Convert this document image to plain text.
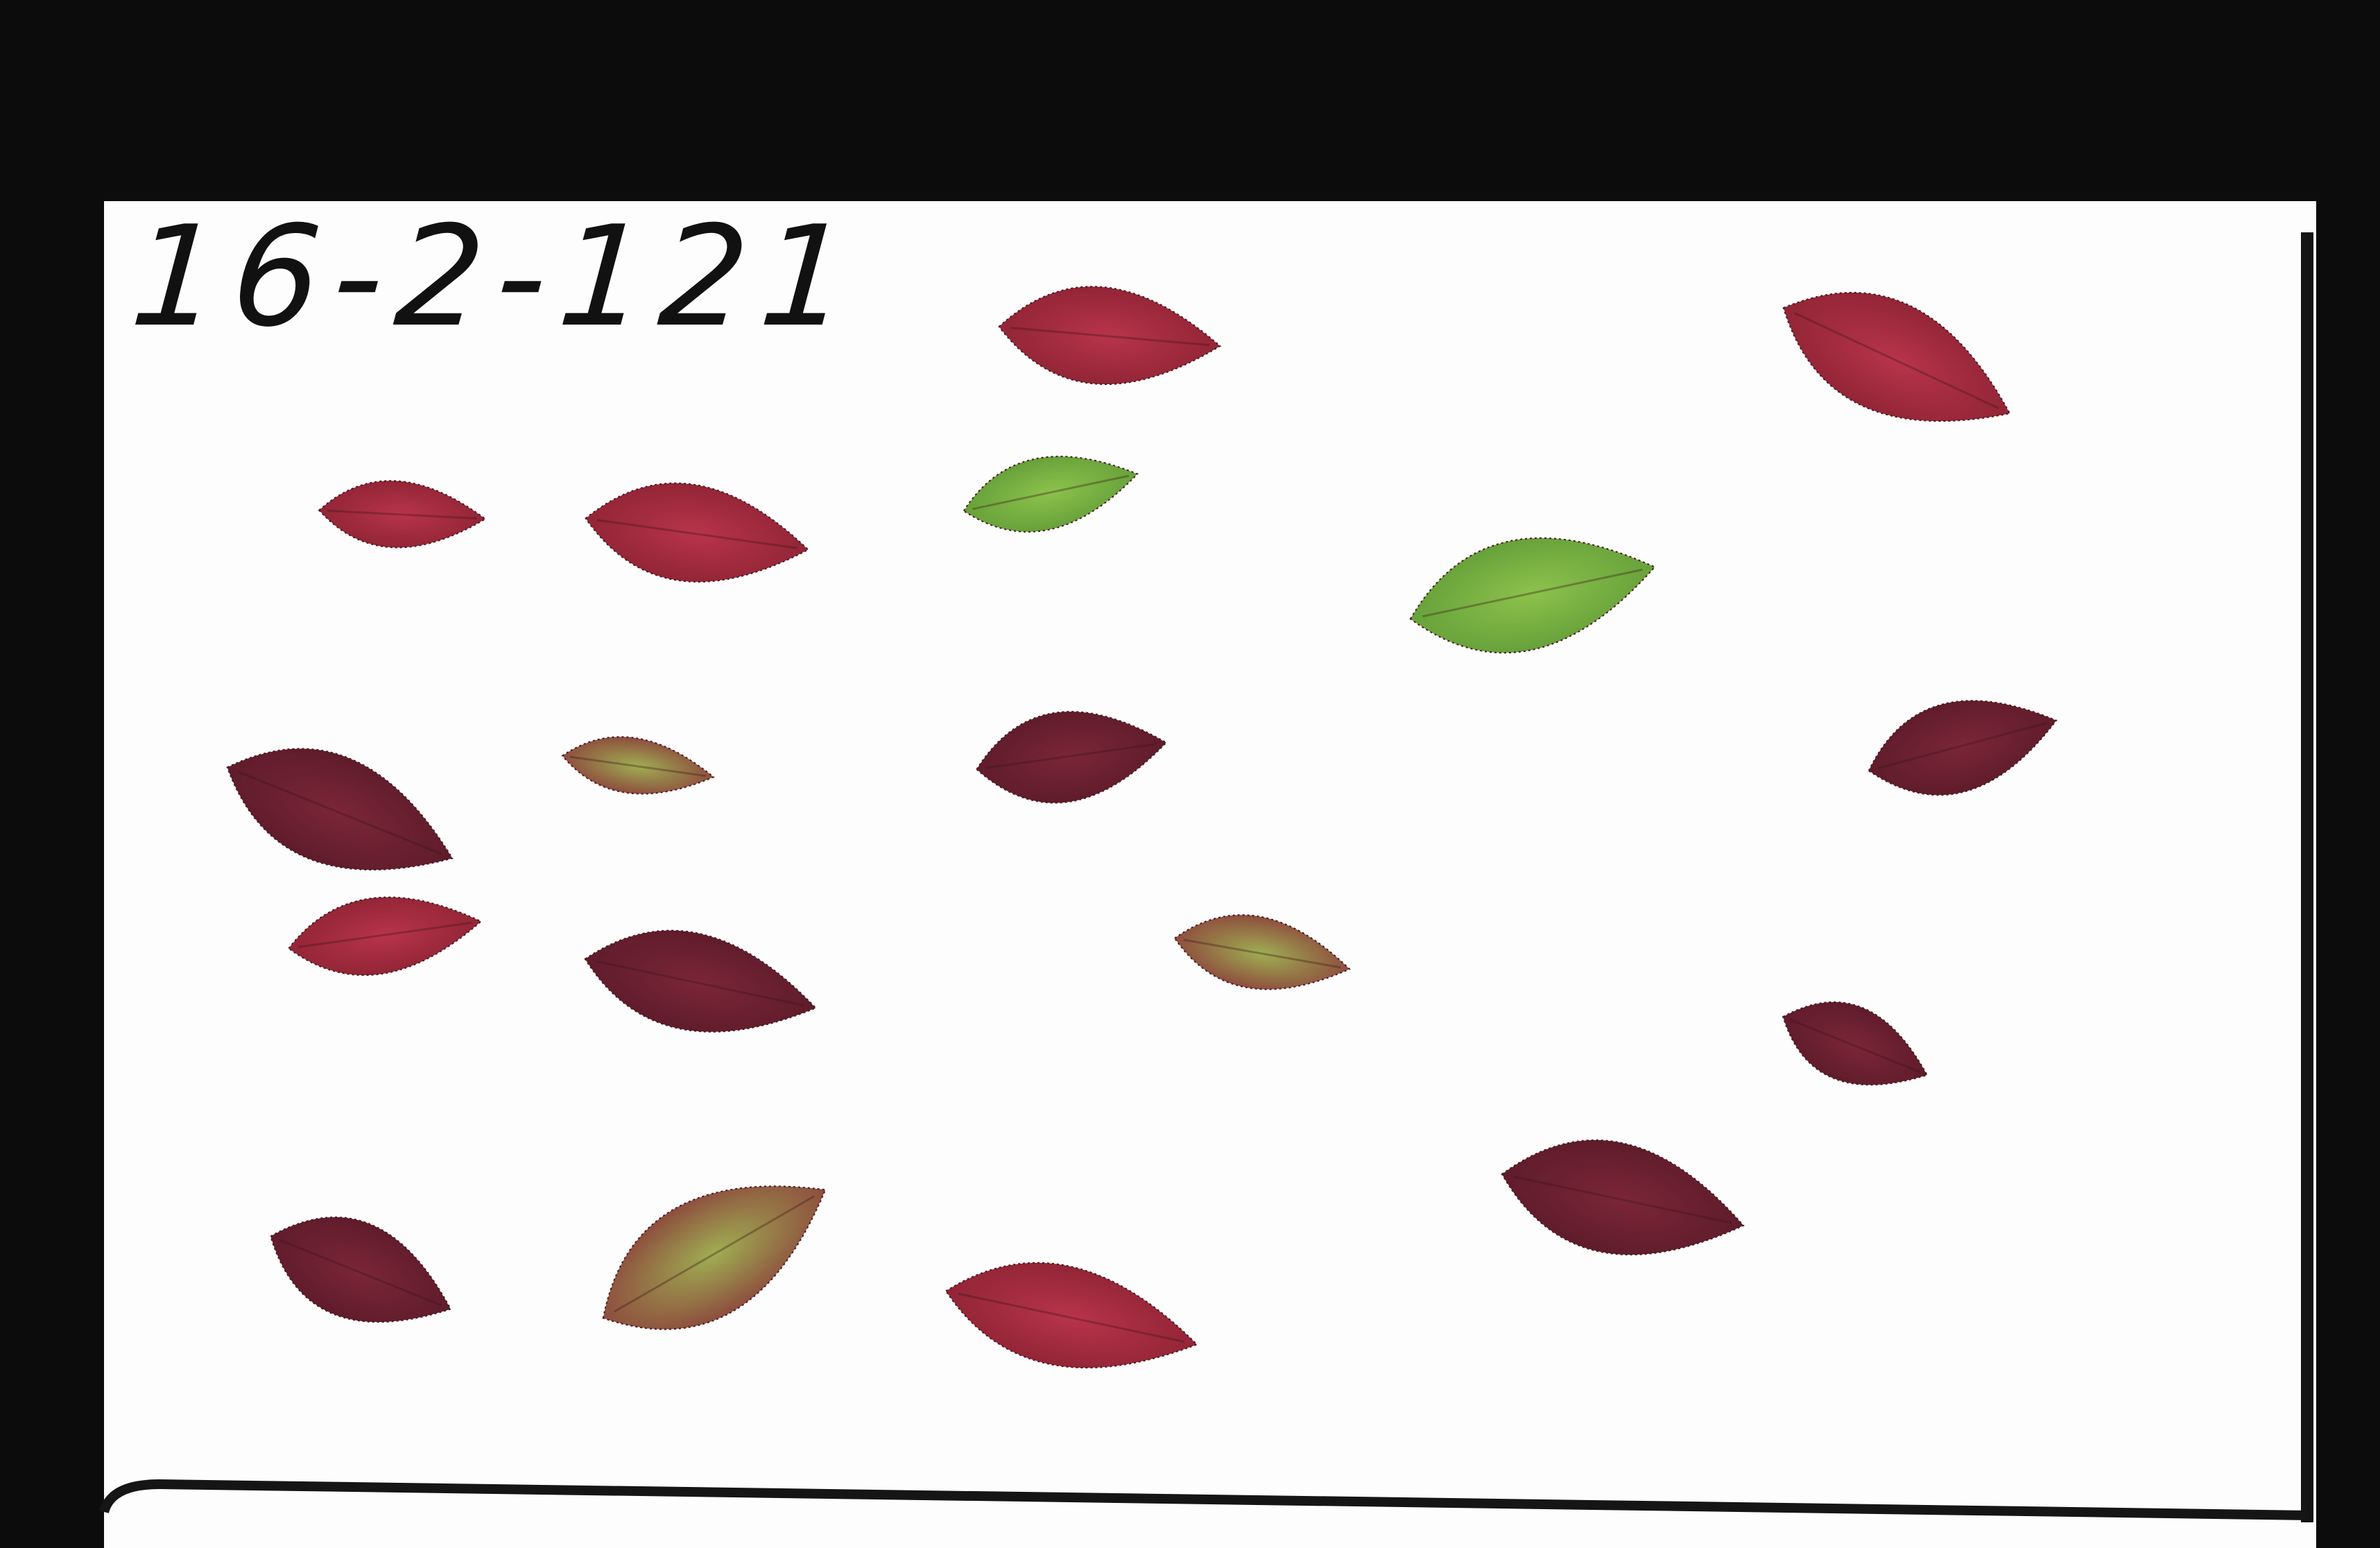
16-2-121
